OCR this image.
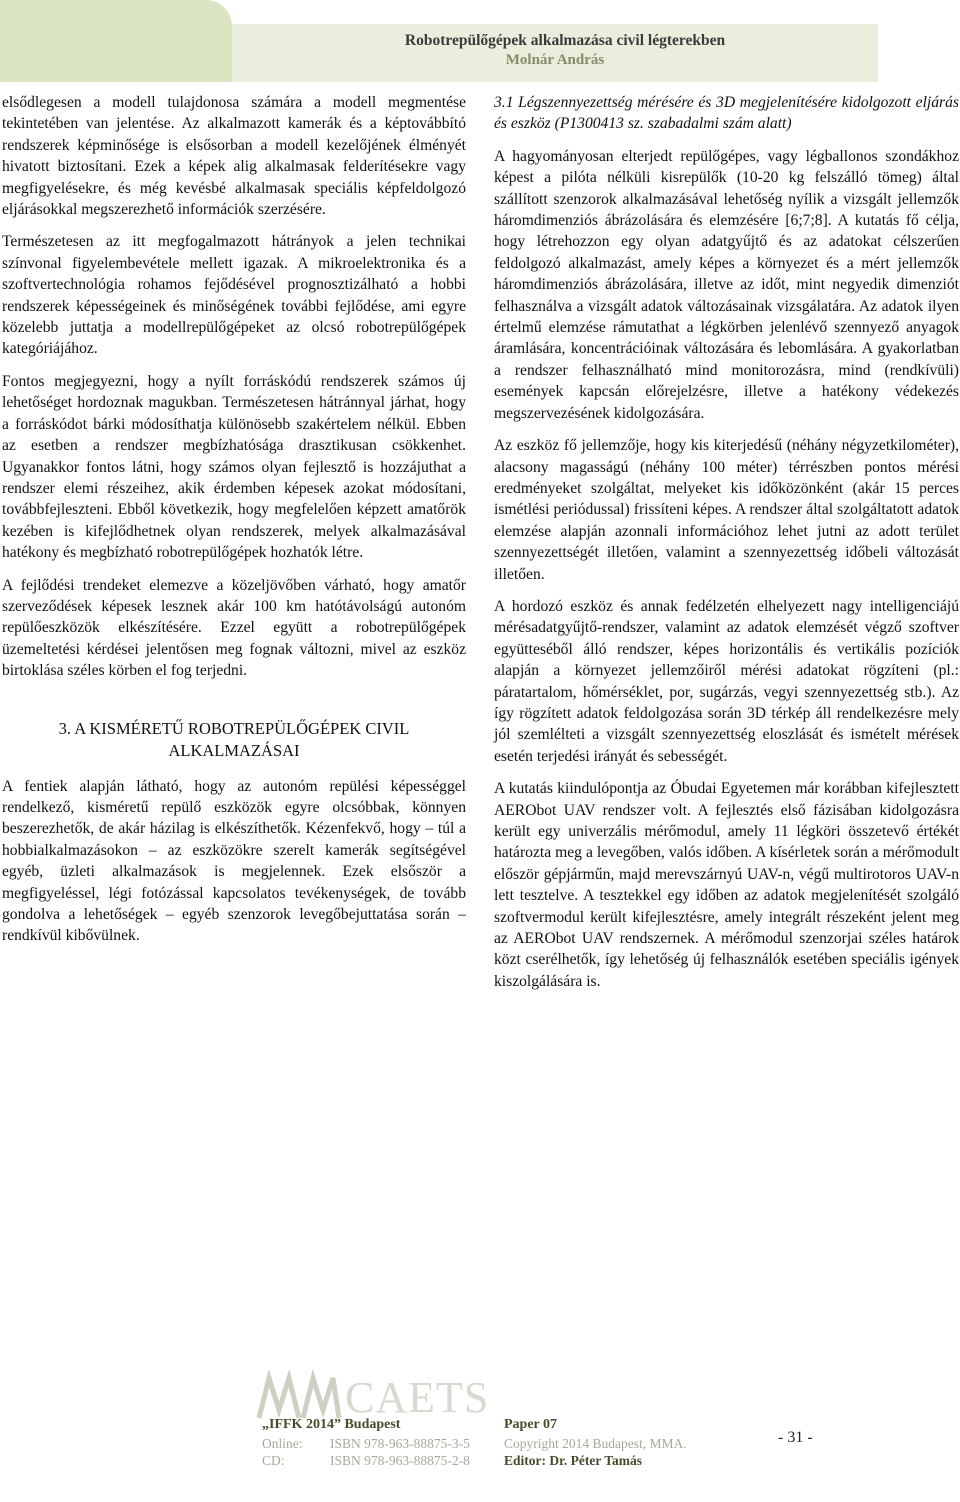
Robotrepülőgépek alkalmazása civil légterekben
Molnár András

elsődlegesen a modell tulajdonosa számára a modell megmentése tekintetében van jelentése. Az alkalmazott kamerák és a képtovábbító rendszerek képminősége is elsősorban a modell kezelőjének élményét hivatott biztosítani. Ezek a képek alig alkalmasak felderítésekre vagy megfigyelésekre, és még kevésbé alkalmasak speciális képfeldolgozó eljárásokkal megszerezhető információk szerzésére.

Természetesen az itt megfogalmazott hátrányok a jelen technikai színvonal figyelembevétele mellett igazak. A mikroelektronika és a szoftvertechnológia rohamos fejődésével prognosztizálható a hobbi rendszerek képességeinek és minőségének további fejlődése, ami egyre közelebb juttatja a modellrepülőgépeket az olcsó robotrepülőgépek kategóriájához.

Fontos megjegyezni, hogy a nyílt forráskódú rendszerek számos új lehetőséget hordoznak magukban. Természetesen hátránnyal járhat, hogy a forráskódot bárki módosíthatja különösebb szakértelem nélkül. Ebben az esetben a rendszer megbízhatósága drasztikusan csökkenhet. Ugyanakkor fontos látni, hogy számos olyan fejlesztő is hozzájuthat a rendszer elemi részeihez, akik érdemben képesek azokat módosítani, továbbfejleszteni. Ebből következik, hogy megfelelően képzett amatőrök kezében is kifejlődhetnek olyan rendszerek, melyek alkalmazásával hatékony és megbízható robotrepülőgépek hozhatók létre.

A fejlődési trendeket elemezve a közeljövőben várható, hogy amatőr szerveződések képesek lesznek akár 100 km hatótávolságú autonóm repülőeszközök elkészítésére. Ezzel együtt a robotrepülőgépek üzemeltetési kérdései jelentősen meg fognak változni, mivel az eszköz birtoklása széles körben el fog terjedni.

3. A KISMÉRETŰ ROBOTREPÜLŐGÉPEK CIVIL ALKALMAZÁSAI

A fentiek alapján látható, hogy az autonóm repülési képességgel rendelkező, kisméretű repülő eszközök egyre olcsóbbak, könnyen beszerezhetők, de akár házilag is elkészíthetők. Kézenfekvő, hogy – túl a hobbialkalmazásokon – az eszközökre szerelt kamerák segítségével egyéb, üzleti alkalmazások is megjelennek. Ezek elsőször a megfigyeléssel, légi fotózással kapcsolatos tevékenységek, de tovább gondolva a lehetőségek – egyéb szenzorok levegőbejuttatása során – rendkívül kibővülnek.

3.1 Légszennyezettség mérésére és 3D megjelenítésére kidolgozott eljárás és eszköz (P1300413 sz. szabadalmi szám alatt)

A hagyományosan elterjedt repülőgépes, vagy légballonos szondákhoz képest a pilóta nélküli kisrepülők (10-20 kg felszálló tömeg) által szállított szenzorok alkalmazásával lehetőség nyílik a vizsgált jellemzők háromdimenziós ábrázolására és elemzésére [6;7;8]. A kutatás fő célja, hogy létrehozzon egy olyan adatgyűjtő és az adatokat célszerűen feldolgozó alkalmazást, amely képes a környezet és a mért jellemzők háromdimenziós ábrázolására, illetve az időt, mint negyedik dimenziót felhasználva a vizsgált adatok változásainak vizsgálatára. Az adatok ilyen értelmű elemzése rámutathat a légkörben jelenlévő szennyező anyagok áramlására, koncentrációinak változására és lebomlására. A gyakorlatban a rendszer felhasználható mind monitorozásra, mind (rendkívüli) események kapcsán előrejelzésre, illetve a hatékony védekezés megszervezésének kidolgozására.

Az eszköz fő jellemzője, hogy kis kiterjedésű (néhány négyzetkilométer), alacsony magasságú (néhány 100 méter) térrészben pontos mérési eredményeket szolgáltat, melyeket kis időközönként (akár 15 perces ismétlési periódussal) frissíteni képes. A rendszer által szolgáltatott adatok elemzése alapján azonnali információhoz lehet jutni az adott terület szennyezettségét illetően, valamint a szennyezettség időbeli változását illetően.

A hordozó eszköz és annak fedélzetén elhelyezett nagy intelligenciájú mérésadatgyűjtő-rendszer, valamint az adatok elemzését végző szoftver együtteséből álló rendszer, képes horizontális és vertikális pozíciók alapján a környezet jellemzőiről mérési adatokat rögzíteni (pl.: páratartalom, hőmérséklet, por, sugárzás, vegyi szennyezettség stb.). Az így rögzített adatok feldolgozása során 3D térkép áll rendelkezésre mely jól szemlélteti a vizsgált szennyezettség eloszlását és ismételt mérések esetén terjedési irányát és sebességét.

A kutatás kiindulópontja az Óbudai Egyetemen már korábban kifejlesztett AERObot UAV rendszer volt. A fejlesztés első fázisában kidolgozásra került egy univerzális mérőmodul, amely 11 légköri összetevő értékét határozta meg a levegőben, valós időben. A kísérletek során a mérőmodult először gépjárműn, majd merevszárnyú UAV-n, végű multirotoros UAV-n lett tesztelve. A tesztekkel egy időben az adatok megjelenítését szolgáló szoftvermodul került kifejlesztésre, amely integrált részeként jelent meg az AERObot UAV rendszernek. A mérőmodul szenzorjai széles határok közt cserélhetők, így lehetőség új felhasználók esetében speciális igények kiszolgálására is.

CAETS
„IFFK 2014” Budapest
Online: ISBN 978-963-88875-3-5
CD:	ISBN 978-963-88875-2-8
Paper 07
Copyright 2014 Budapest, MMA.
Editor: Dr. Péter Tamás
- 31 -
